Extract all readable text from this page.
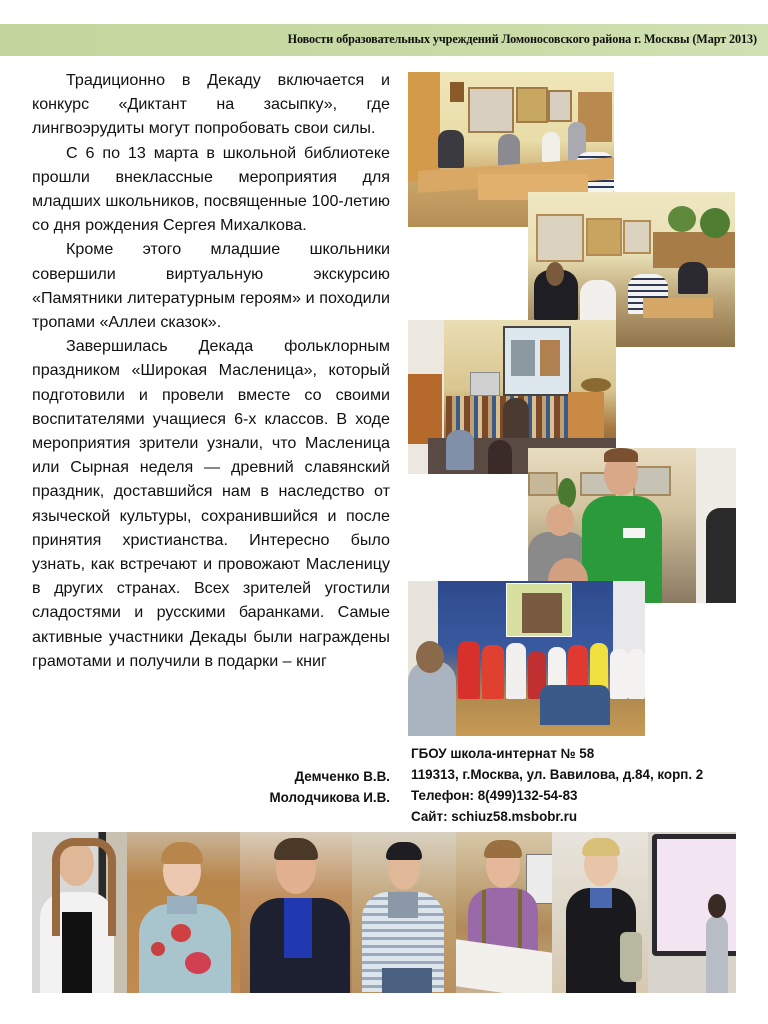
Новости образовательных учреждений Ломоносовского района г. Москвы (Март 2013)

Традиционно в Декаду включается и конкурс «Диктант на засыпку», где лингвоэрудиты могут попробовать свои силы.

С 6 по 13 марта в школьной библиотеке прошли внеклассные мероприятия для младших школьников, посвященные 100-летию со дня рождения Сергея Михалкова.

Кроме этого младшие школьники совершили виртуальную экскурсию «Памятники литературным героям» и походили тропами «Аллеи сказок».

Завершилась Декада фольклорным праздником «Широкая Масленица», который подготовили и провели вместе со своими воспитателями учащиеся 6-х классов. В ходе мероприятия зрители узнали, что Масленица или Сырная неделя — древний славянский праздник, доставшийся нам в наследство от языческой культуры, сохранившийся и после принятия христианства. Интересно было узнать, как встречают и провожают Масленицу в других странах. Всех зрителей угостили сладостями и русскими баранками. Самые активные участники Декады были награждены грамотами и получили в подарки – книг

Демченко В.В.
Молодчикова И.В.
ГБОУ школа-интернат № 58
119313, г.Москва, ул. Вавилова, д.84, корп. 2
Телефон: 8(499)132-54-83
Сайт: schiuz58.msbobr.ru
